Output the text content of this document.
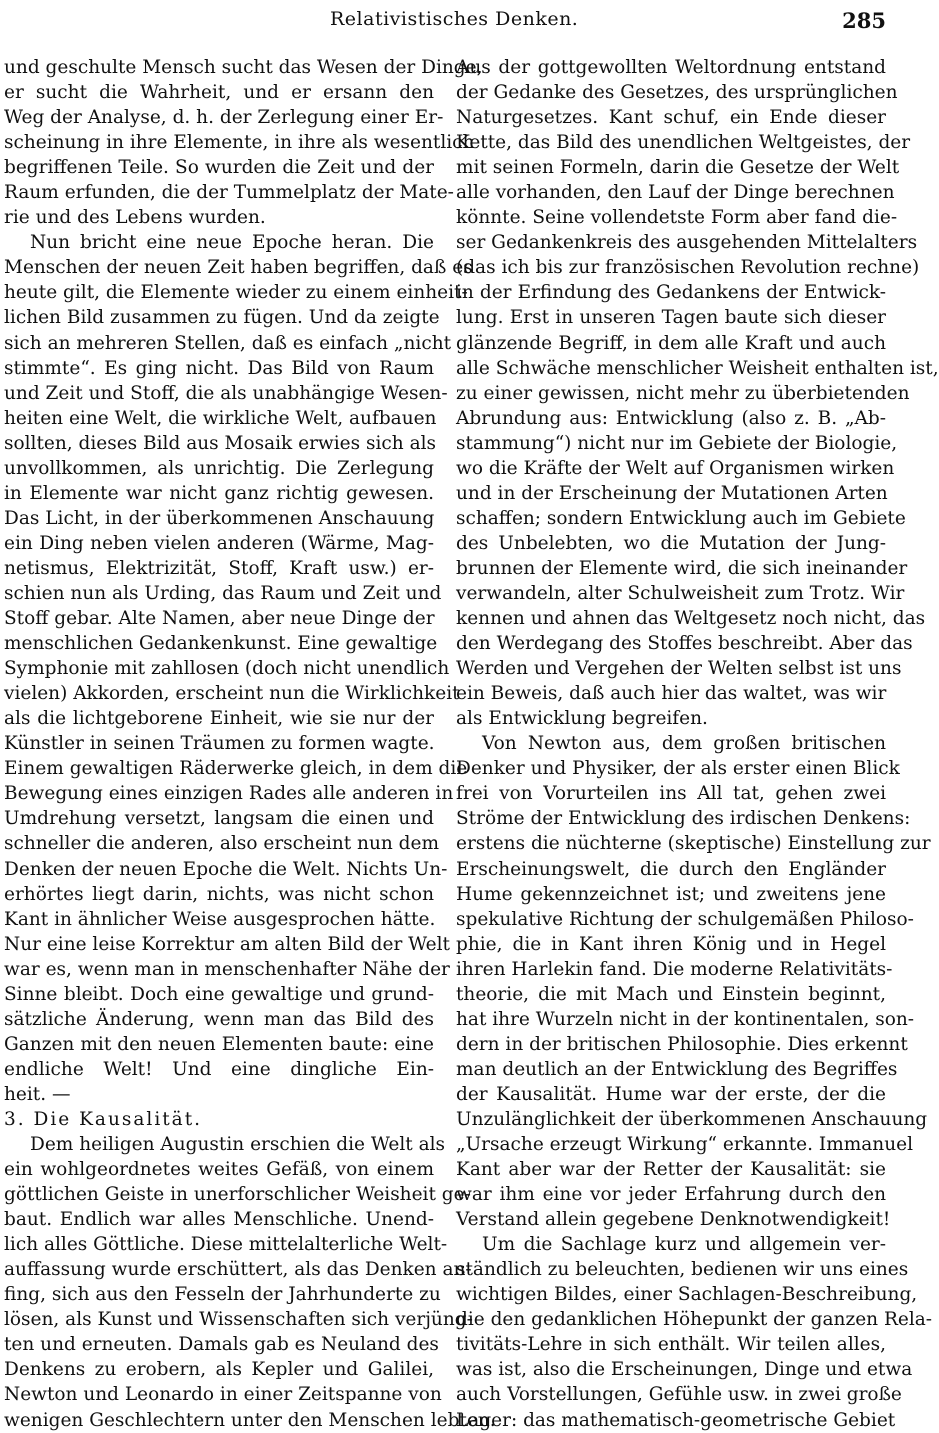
Relativistisches Denken.	285
und geschulte Mensch sucht das Wesen der Dinge,
er sucht die Wahrheit, und er ersann den
Weg der Analyse, d. h. der Zerlegung einer Er-
scheinung in ihre Elemente, in ihre als wesentlich
begriffenen Teile. So wurden die Zeit und der
Raum erfunden, die der Tummelplatz der Mate-
rie und des Lebens wurden.
Nun bricht eine neue Epoche heran. Die
Menschen der neuen Zeit haben begriffen, daß es
heute gilt, die Elemente wieder zu einem einheit-
lichen Bild zusammen zu fügen. Und da zeigte
sich an mehreren Stellen, daß es einfach „nicht
stimmte“. Es ging nicht. Das Bild von Raum
und Zeit und Stoff, die als unabhängige Wesen-
heiten eine Welt, die wirkliche Welt, aufbauen
sollten, dieses Bild aus Mosaik erwies sich als
unvollkommen, als unrichtig. Die Zerlegung
in Elemente war nicht ganz richtig gewesen.
Das Licht, in der überkommenen Anschauung
ein Ding neben vielen anderen (Wärme, Mag-
netismus, Elektrizität, Stoff, Kraft usw.) er-
schien nun als Urding, das Raum und Zeit und
Stoff gebar. Alte Namen, aber neue Dinge der
menschlichen Gedankenkunst. Eine gewaltige
Symphonie mit zahllosen (doch nicht unendlich
vielen) Akkorden, erscheint nun die Wirklichkeit
als die lichtgeborene Einheit, wie sie nur der
Künstler in seinen Träumen zu formen wagte.
Einem gewaltigen Räderwerke gleich, in dem die
Bewegung eines einzigen Rades alle anderen in
Umdrehung versetzt, langsam die einen und
schneller die anderen, also erscheint nun dem
Denken der neuen Epoche die Welt. Nichts Un-
erhörtes liegt darin, nichts, was nicht schon
Kant in ähnlicher Weise ausgesprochen hätte.
Nur eine leise Korrektur am alten Bild der Welt
war es, wenn man in menschenhafter Nähe der
Sinne bleibt. Doch eine gewaltige und grund-
sätzliche Änderung, wenn man das Bild des
Ganzen mit den neuen Elementen baute: eine
endliche Welt! Und eine dingliche Ein-
heit. —
3. Die Kausalität.
Dem heiligen Augustin erschien die Welt als
ein wohlgeordnetes weites Gefäß, von einem
göttlichen Geiste in unerforschlicher Weisheit ge-
baut. Endlich war alles Menschliche. Unend-
lich alles Göttliche. Diese mittelalterliche Welt-
auffassung wurde erschüttert, als das Denken an-
fing, sich aus den Fesseln der Jahrhunderte zu
lösen, als Kunst und Wissenschaften sich verjüng-
ten und erneuten. Damals gab es Neuland des
Denkens zu erobern, als Kepler und Galilei,
Newton und Leonardo in einer Zeitspanne von
wenigen Geschlechtern unter den Menschen lebten.
Aus der gottgewollten Weltordnung entstand
der Gedanke des Gesetzes, des ursprünglichen
Naturgesetzes. Kant schuf, ein Ende dieser
Kette, das Bild des unendlichen Weltgeistes, der
mit seinen Formeln, darin die Gesetze der Welt
alle vorhanden, den Lauf der Dinge berechnen
könnte. Seine vollendetste Form aber fand die-
ser Gedankenkreis des ausgehenden Mittelalters
(das ich bis zur französischen Revolution rechne)
in der Erfindung des Gedankens der Entwick-
lung. Erst in unseren Tagen baute sich dieser
glänzende Begriff, in dem alle Kraft und auch
alle Schwäche menschlicher Weisheit enthalten ist,
zu einer gewissen, nicht mehr zu überbietenden
Abrundung aus: Entwicklung (also z. B. „Ab-
stammung“) nicht nur im Gebiete der Biologie,
wo die Kräfte der Welt auf Organismen wirken
und in der Erscheinung der Mutationen Arten
schaffen; sondern Entwicklung auch im Gebiete
des Unbelebten, wo die Mutation der Jung-
brunnen der Elemente wird, die sich ineinander
verwandeln, alter Schulweisheit zum Trotz. Wir
kennen und ahnen das Weltgesetz noch nicht, das
den Werdegang des Stoffes beschreibt. Aber das
Werden und Vergehen der Welten selbst ist uns
ein Beweis, daß auch hier das waltet, was wir
als Entwicklung begreifen.
Von Newton aus, dem großen britischen
Denker und Physiker, der als erster einen Blick
frei von Vorurteilen ins All tat, gehen zwei
Ströme der Entwicklung des irdischen Denkens:
erstens die nüchterne (skeptische) Einstellung zur
Erscheinungswelt, die durch den Engländer
Hume gekennzeichnet ist; und zweitens jene
spekulative Richtung der schulgemäßen Philoso-
phie, die in Kant ihren König und in Hegel
ihren Harlekin fand. Die moderne Relativitäts-
theorie, die mit Mach und Einstein beginnt,
hat ihre Wurzeln nicht in der kontinentalen, son-
dern in der britischen Philosophie. Dies erkennt
man deutlich an der Entwicklung des Begriffes
der Kausalität. Hume war der erste, der die
Unzulänglichkeit der überkommenen Anschauung
„Ursache erzeugt Wirkung“ erkannte. Immanuel
Kant aber war der Retter der Kausalität: sie
war ihm eine vor jeder Erfahrung durch den
Verstand allein gegebene Denknotwendigkeit!
Um die Sachlage kurz und allgemein ver-
ständlich zu beleuchten, bedienen wir uns eines
wichtigen Bildes, einer Sachlagen-Beschreibung,
die den gedanklichen Höhepunkt der ganzen Rela-
tivitäts-Lehre in sich enthält. Wir teilen alles,
was ist, also die Erscheinungen, Dinge und etwa
auch Vorstellungen, Gefühle usw. in zwei große
Lager: das mathematisch-geometrische Gebiet
